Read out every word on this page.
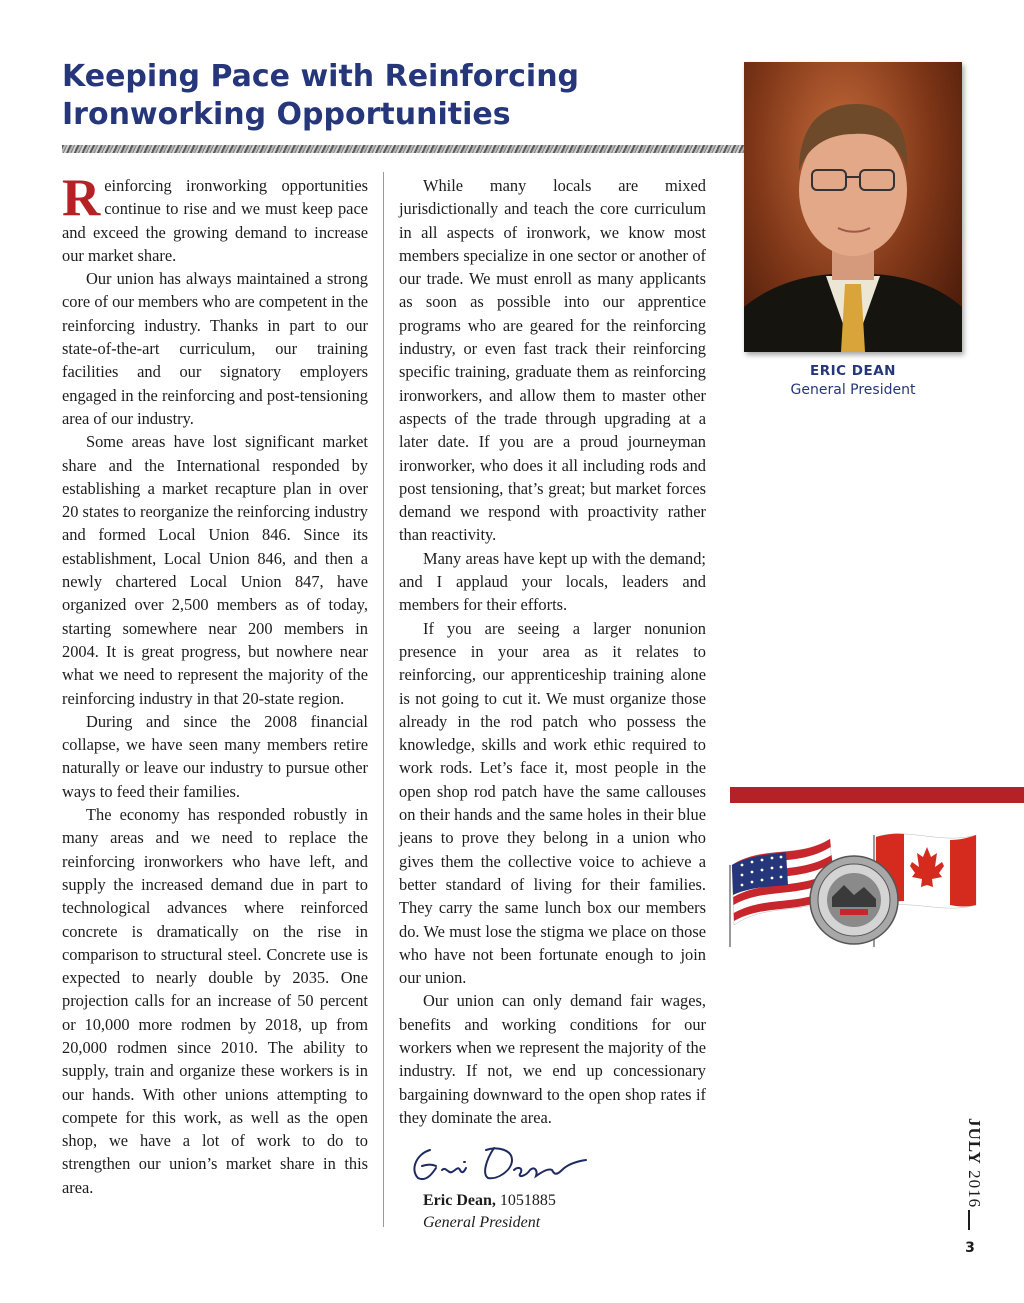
Keeping Pace with Reinforcing
Ironworking Opportunities

Reinforcing ironworking opportunities continue to rise and we must keep pace and exceed the growing demand to increase our market share.

Our union has always maintained a strong core of our members who are competent in the reinforcing industry. Thanks in part to our state-of-the-art curriculum, our training facilities and our signatory employers engaged in the reinforcing and post-tensioning area of our industry.

Some areas have lost significant market share and the International responded by establishing a market recapture plan in over 20 states to reorganize the reinforcing industry and formed Local Union 846. Since its establishment, Local Union 846, and then a newly chartered Local Union 847, have organized over 2,500 members as of today, starting somewhere near 200 members in 2004. It is great progress, but nowhere near what we need to represent the majority of the reinforcing industry in that 20-state region.

During and since the 2008 financial collapse, we have seen many members retire naturally or leave our industry to pursue other ways to feed their families.

The economy has responded robustly in many areas and we need to replace the reinforcing ironworkers who have left, and supply the increased demand due in part to technological advances where reinforced concrete is dramatically on the rise in comparison to structural steel. Concrete use is expected to nearly double by 2035. One projection calls for an increase of 50 percent or 10,000 more rodmen by 2018, up from 20,000 rodmen since 2010. The ability to supply, train and organize these workers is in our hands. With other unions attempting to compete for this work, as well as the open shop, we have a lot of work to do to strengthen our union’s market share in this area.

While many locals are mixed jurisdictionally and teach the core curriculum in all aspects of ironwork, we know most members specialize in one sector or another of our trade. We must enroll as many applicants as soon as possible into our apprentice programs who are geared for the reinforcing industry, or even fast track their reinforcing specific training, graduate them as reinforcing ironworkers, and allow them to master other aspects of the trade through upgrading at a later date. If you are a proud journeyman ironworker, who does it all including rods and post tensioning, that’s great; but market forces demand we respond with proactivity rather than reactivity.

Many areas have kept up with the demand; and I applaud your locals, leaders and members for their efforts.

If you are seeing a larger nonunion presence in your area as it relates to reinforcing, our apprenticeship training alone is not going to cut it. We must organize those already in the rod patch who possess the knowledge, skills and work ethic required to work rods. Let’s face it, most people in the open shop rod patch have the same callouses on their hands and the same holes in their blue jeans to prove they belong in a union who gives them the collective voice to achieve a better standard of living for their families. They carry the same lunch box our members do. We must lose the stigma we place on those who have not been fortunate enough to join our union.

Our union can only demand fair wages, benefits and working conditions for our workers when we represent the majority of the industry. If not, we end up concessionary bargaining downward to the open shop rates if they dominate the area.

Eric Dean, 1051885
General President
ERIC DEAN
General President
JULY 2016
3
